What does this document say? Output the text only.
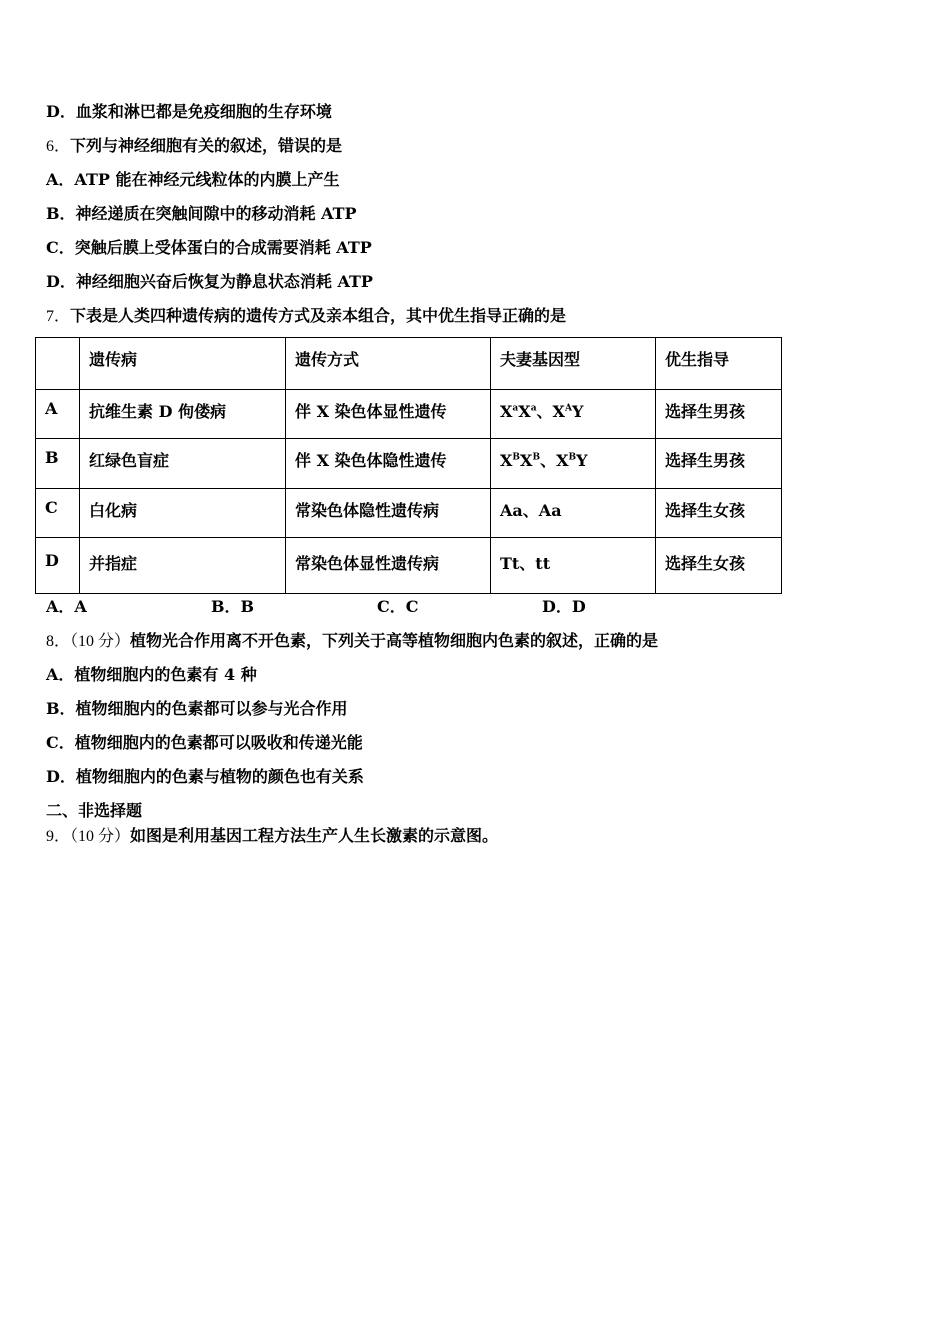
D．血浆和淋巴都是免疫细胞的生存环境
6．下列与神经细胞有关的叙述，错误的是
A．ATP 能在神经元线粒体的内膜上产生
B．神经递质在突触间隙中的移动消耗 ATP
C．突触后膜上受体蛋白的合成需要消耗 ATP
D．神经细胞兴奋后恢复为静息状态消耗 ATP
7．下表是人类四种遗传病的遗传方式及亲本组合，其中优生指导正确的是
	遗传病	遗传方式	夫妻基因型	优生指导
A	抗维生素 D 佝偻病	伴 X 染色体显性遗传	$X^aX^a$、$X^AY$	选择生男孩
B	红绿色盲症	伴 X 染色体隐性遗传	$X^BX^B$、$X^BY$	选择生男孩
C	白化病	常染色体隐性遗传病	Aa、Aa	选择生女孩
D	并指症	常染色体显性遗传病	Tt、tt	选择生女孩
A．A	B．B	C．C	D．D
8．（10 分）植物光合作用离不开色素，下列关于高等植物细胞内色素的叙述，正确的是
A．植物细胞内的色素有 4 种
B．植物细胞内的色素都可以参与光合作用
C．植物细胞内的色素都可以吸收和传递光能
D．植物细胞内的色素与植物的颜色也有关系
二、非选择题
9．（10 分）如图是利用基因工程方法生产人生长激素的示意图。
